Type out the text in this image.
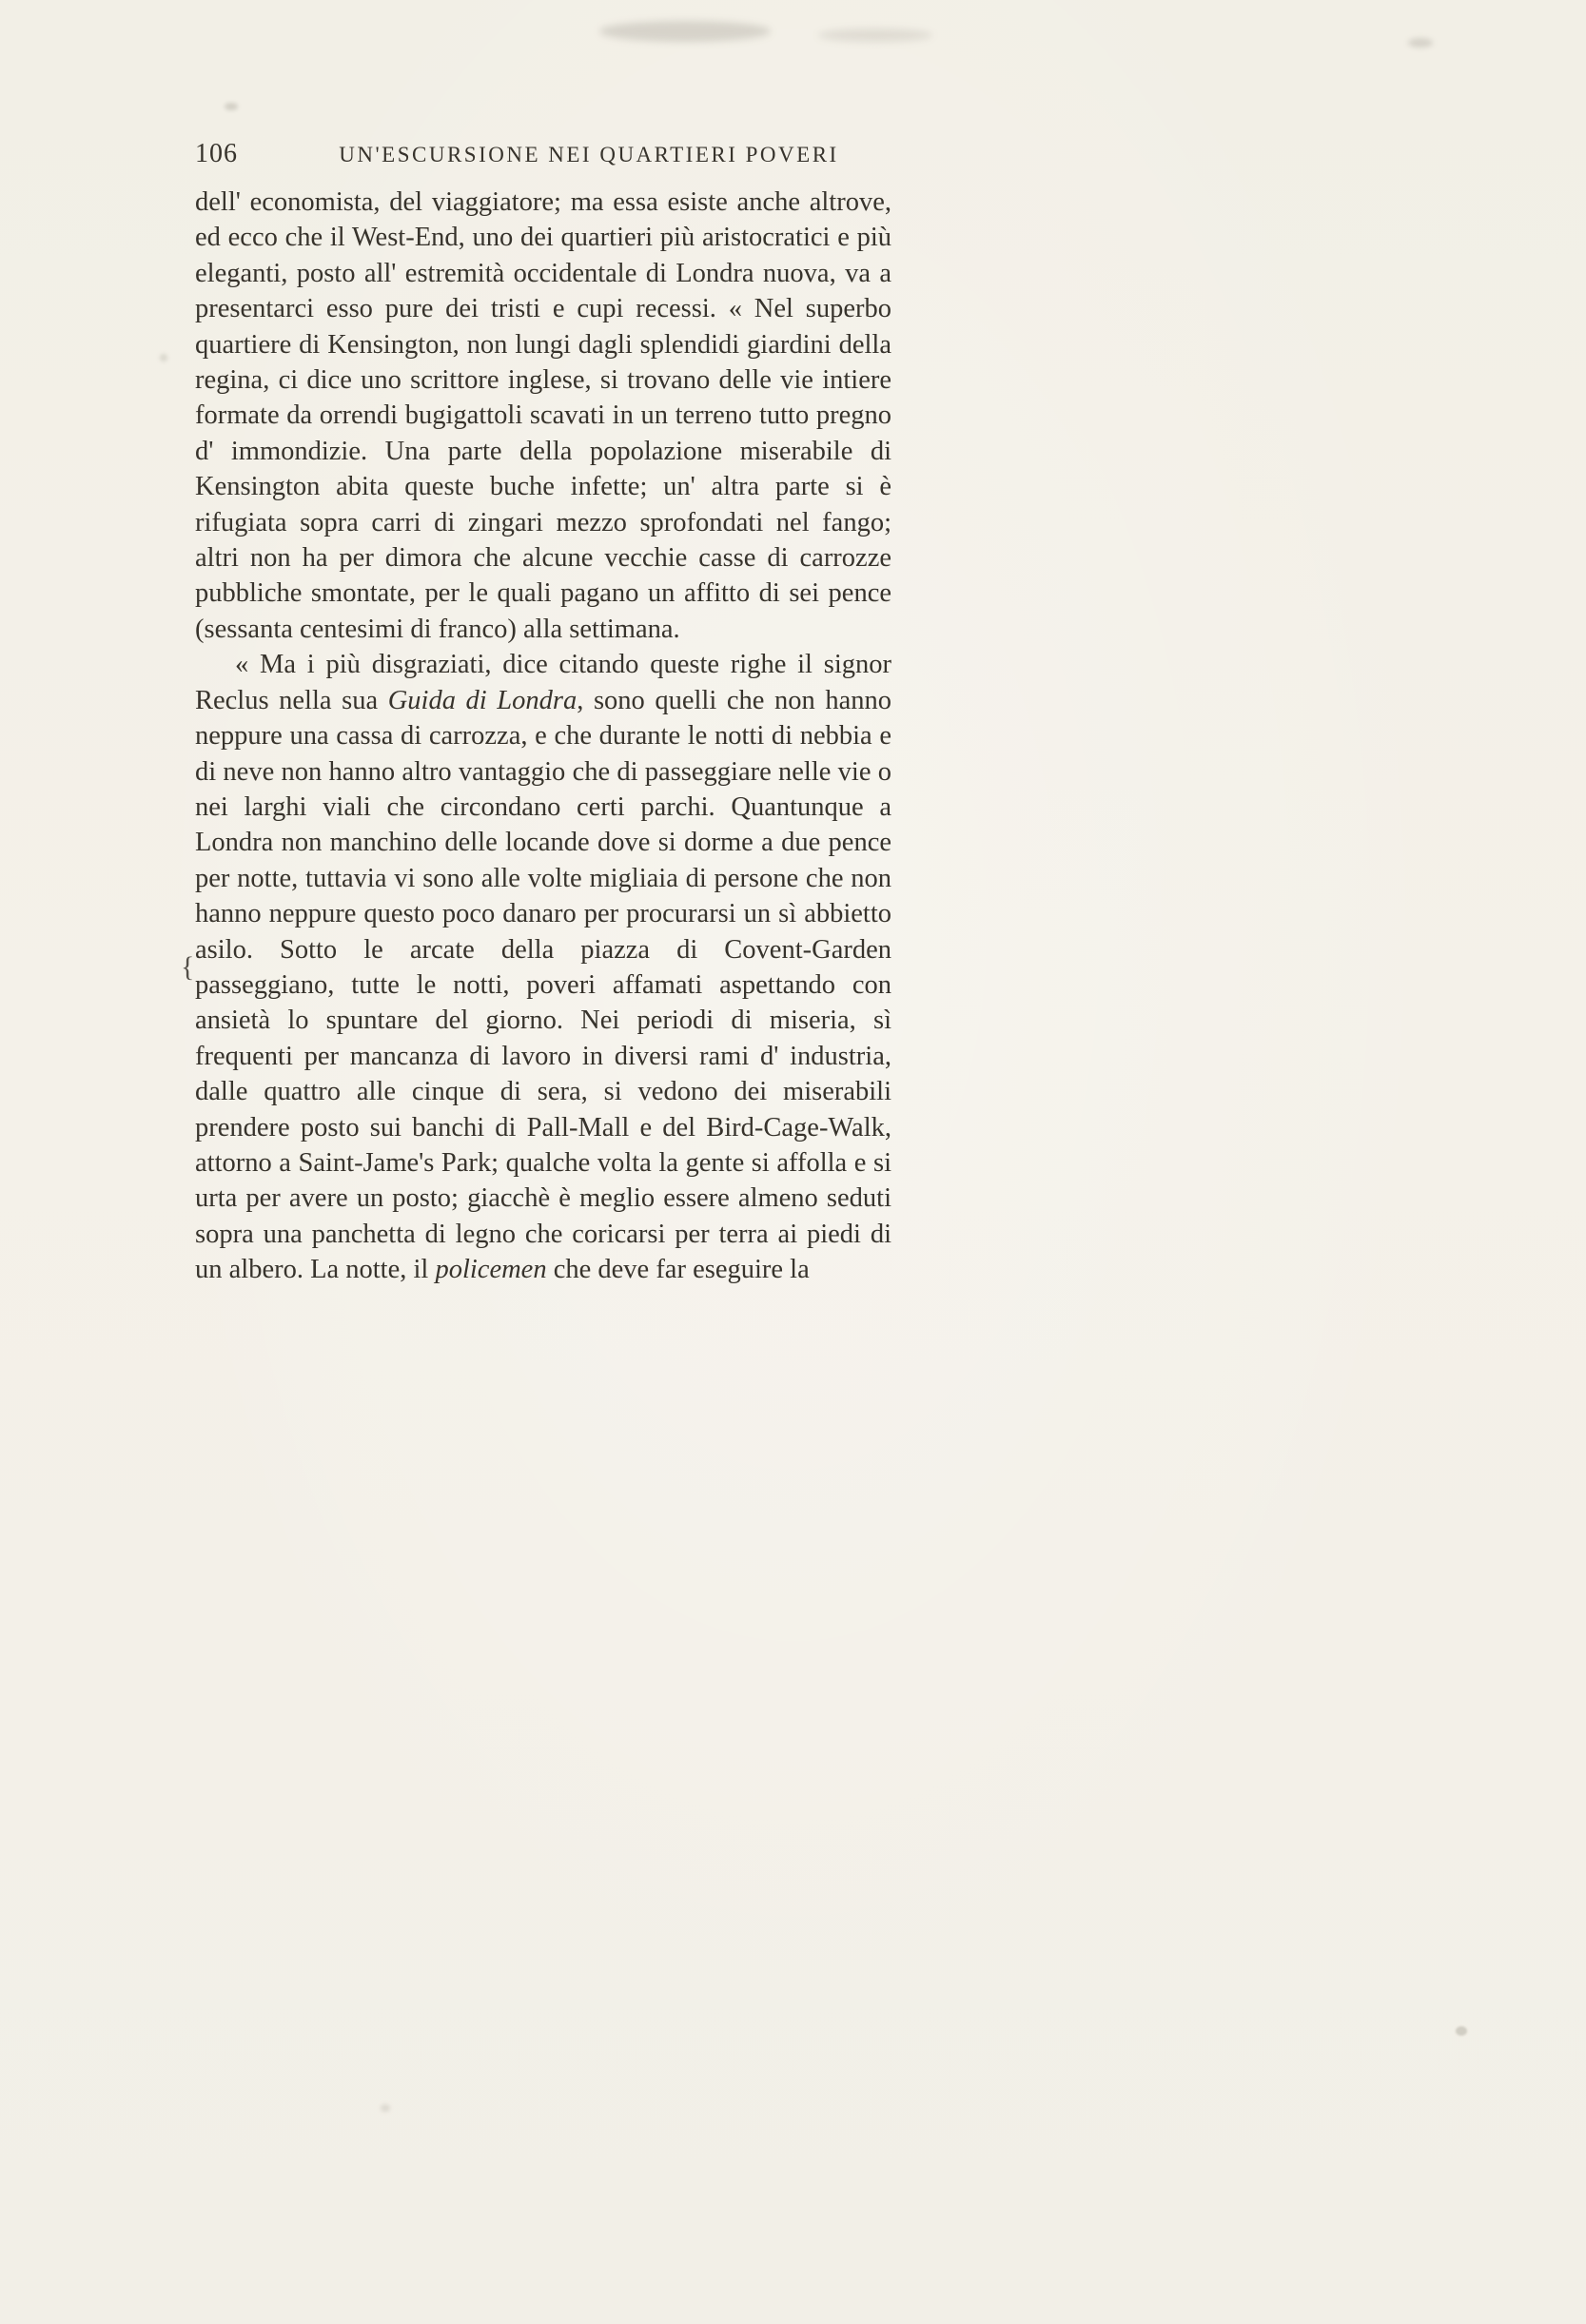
{
106	UN'ESCURSIONE NEI QUARTIERI POVERI

dell' economista, del viaggiatore; ma essa esiste anche altrove, ed ecco che il West-End, uno dei quartieri più aristocratici e più eleganti, posto all' estremità occidentale di Londra nuova, va a presentarci esso pure dei tristi e cupi recessi. « Nel superbo quartiere di Kensington, non lungi dagli splendidi giardini della regina, ci dice uno scrittore inglese, si trovano delle vie intiere formate da orrendi bugigattoli scavati in un terreno tutto pregno d' immondizie. Una parte della popolazione miserabile di Kensington abita queste buche infette; un' altra parte si è rifugiata sopra carri di zingari mezzo sprofondati nel fango; altri non ha per dimora che alcune vecchie casse di carrozze pubbliche smontate, per le quali pagano un affitto di sei pence (sessanta centesimi di franco) alla settimana.

« Ma i più disgraziati, dice citando queste righe il signor Reclus nella sua Guida di Londra, sono quelli che non hanno neppure una cassa di carrozza, e che durante le notti di nebbia e di neve non hanno altro vantaggio che di passeggiare nelle vie o nei larghi viali che circondano certi parchi. Quantunque a Londra non manchino delle locande dove si dorme a due pence per notte, tuttavia vi sono alle volte migliaia di persone che non hanno neppure questo poco danaro per procurarsi un sì abbietto asilo. Sotto le arcate della piazza di Covent-Garden passeggiano, tutte le notti, poveri affamati aspettando con ansietà lo spuntare del giorno. Nei periodi di miseria, sì frequenti per mancanza di lavoro in diversi rami d' industria, dalle quattro alle cinque di sera, si vedono dei miserabili prendere posto sui banchi di Pall-Mall e del Bird-Cage-Walk, attorno a Saint-Jame's Park; qualche volta la gente si affolla e si urta per avere un posto; giacchè è meglio essere almeno seduti sopra una panchetta di legno che coricarsi per terra ai piedi di un albero. La notte, il policemen che deve far eseguire la
